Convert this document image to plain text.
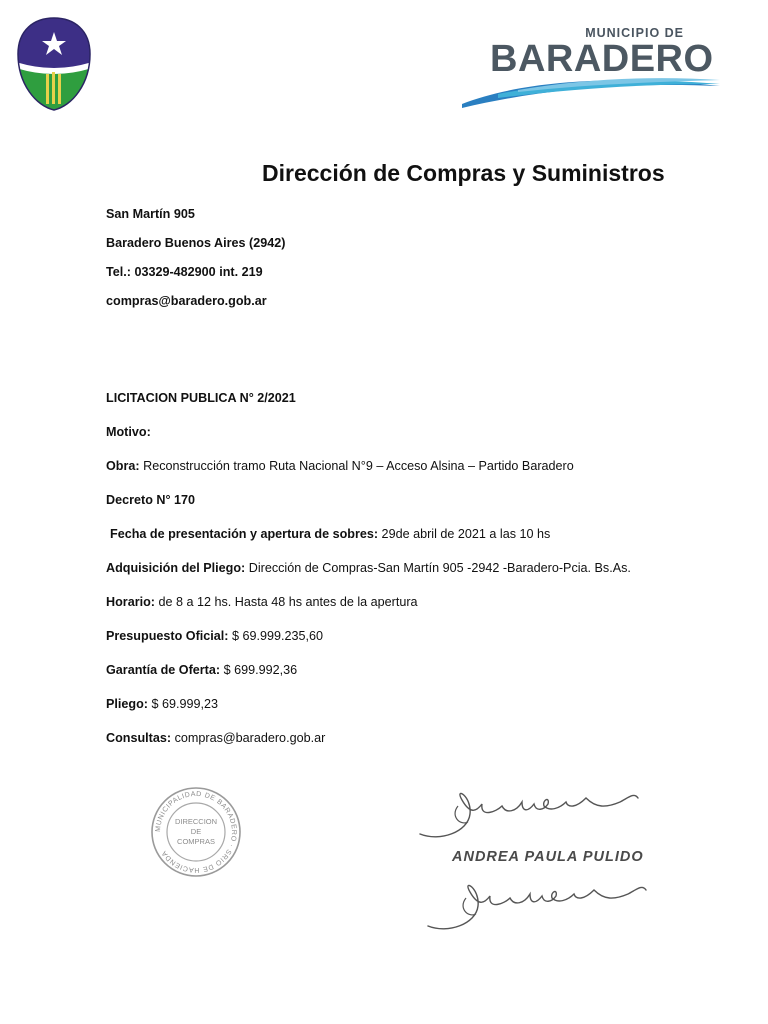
MUNICIPIO DE
BARADERO
Dirección de Compras y Suministros
San Martín 905
Baradero Buenos Aires (2942)
Tel.: 03329-482900 int. 219
compras@baradero.gob.ar
LICITACION PUBLICA N° 2/2021
Motivo:
Obra: Reconstrucción tramo Ruta Nacional N°9 – Acceso Alsina – Partido Baradero
Decreto N° 170
Fecha de presentación y apertura de sobres: 29de abril de 2021 a las 10 hs
Adquisición del Pliego: Dirección de Compras-San Martín 905 -2942 -Baradero-Pcia. Bs.As.
Horario: de 8 a 12 hs. Hasta 48 hs antes de la apertura
Presupuesto Oficial: $ 69.999.235,60
Garantía de Oferta: $ 699.992,36
Pliego: $ 69.999,23
Consultas: compras@baradero.gob.ar
MUNICIPALIDAD DE BARADERO · SRIO DE HACIENDA
DIRECCION
DE
COMPRAS
ANDREA PAULA PULIDO
